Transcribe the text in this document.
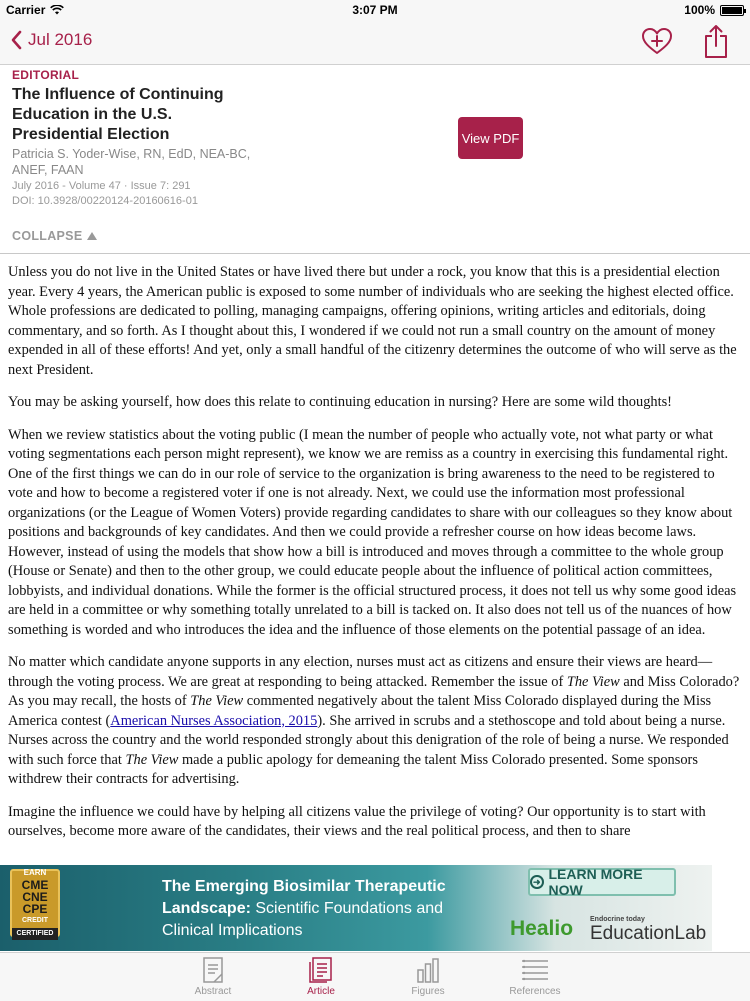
Carrier	3:07 PM	100%
Jul 2016
EDITORIAL
The Influence of Continuing Education in the U.S. Presidential Election
Patricia S. Yoder-Wise, RN, EdD, NEA-BC, ANEF, FAAN
July 2016 - Volume 47 · Issue 7: 291
DOI: 10.3928/00220124-20160616-01
COLLAPSE
View PDF

Unless you do not live in the United States or have lived there but under a rock, you know that this is a presidential election year. Every 4 years, the American public is exposed to some number of individuals who are seeking the highest elected office. Whole professions are dedicated to polling, managing campaigns, offering opinions, writing articles and editorials, doing commentary, and so forth. As I thought about this, I wondered if we could not run a small country on the amount of money expended in all of these efforts! And yet, only a small handful of the citizenry determines the outcome of who will serve as the next President.

You may be asking yourself, how does this relate to continuing education in nursing? Here are some wild thoughts!

When we review statistics about the voting public (I mean the number of people who actually vote, not what party or what voting segmentations each person might represent), we know we are remiss as a country in exercising this fundamental right. One of the first things we can do in our role of service to the organization is bring awareness to the need to be registered to vote and how to become a registered voter if one is not already. Next, we could use the information most professional organizations (or the League of Women Voters) provide regarding candidates to share with our colleagues so they know about positions and backgrounds of key candidates. And then we could provide a refresher course on how ideas become laws. However, instead of using the models that show how a bill is introduced and moves through a committee to the whole group (House or Senate) and then to the other group, we could educate people about the influence of political action committees, lobbyists, and individual donations. While the former is the official structured process, it does not tell us why some good ideas are held in a committee or why something totally unrelated to a bill is tacked on. It also does not tell us of the nuances of how something is worded and who introduces the idea and the influence of those elements on the potential passage of an idea.

No matter which candidate anyone supports in any election, nurses must act as citizens and ensure their views are heard—through the voting process. We are great at responding to being attacked. Remember the issue of The View and Miss Colorado? As you may recall, the hosts of The View commented negatively about the talent Miss Colorado displayed during the Miss America contest (American Nurses Association, 2015). She arrived in scrubs and a stethoscope and told about being a nurse. Nurses across the country and the world responded strongly about this denigration of the role of being a nurse. We responded with such force that The View made a public apology for demeaning the talent Miss Colorado presented. Some sponsors withdrew their contracts for advertising.

Imagine the influence we could have by helping all citizens value the privilege of voting? Our opportunity is to start with ourselves, become more aware of the candidates, their views and the real political process, and then to share

EARN
CME
CNE
CPE
CREDIT
CERTIFIED
The Emerging Biosimilar Therapeutic
Landscape: Scientific Foundations and
Clinical Implications
➜ LEARN MORE NOW
Healio Endocrine today
EducationLab
Abstract	Article	Figures	References
